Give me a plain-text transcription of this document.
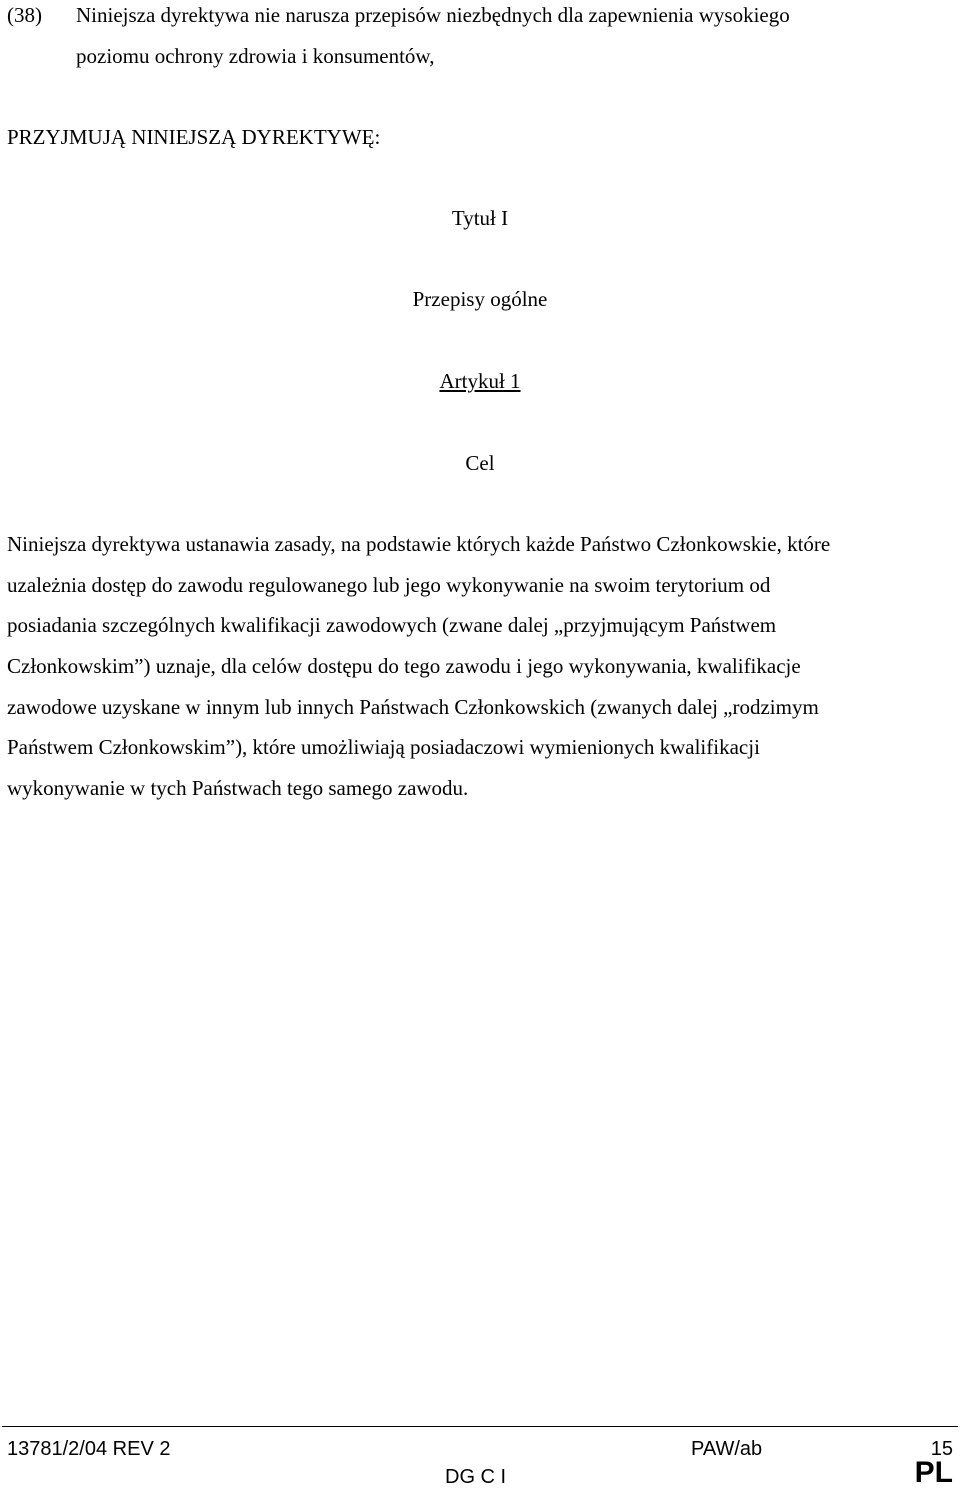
(38) Niniejsza dyrektywa nie narusza przepisów niezbędnych dla zapewnienia wysokiego
poziomu ochrony zdrowia i konsumentów,
PRZYJMUJĄ NINIEJSZĄ DYREKTYWĘ:
Tytuł I
Przepisy ogólne
Artykuł 1
Cel
Niniejsza dyrektywa ustanawia zasady, na podstawie których każde Państwo Członkowskie, które
uzależnia dostęp do zawodu regulowanego lub jego wykonywanie na swoim terytorium od
posiadania szczególnych kwalifikacji zawodowych (zwane dalej „przyjmującym Państwem
Członkowskim”) uznaje, dla celów dostępu do tego zawodu i jego wykonywania, kwalifikacje
zawodowe uzyskane w innym lub innych Państwach Członkowskich (zwanych dalej „rodzimym
Państwem Członkowskim”), które umożliwiają posiadaczowi wymienionych kwalifikacji
wykonywanie w tych Państwach tego samego zawodu.
13781/2/04 REV 2	PAW/ab	15
DG C I	PL
